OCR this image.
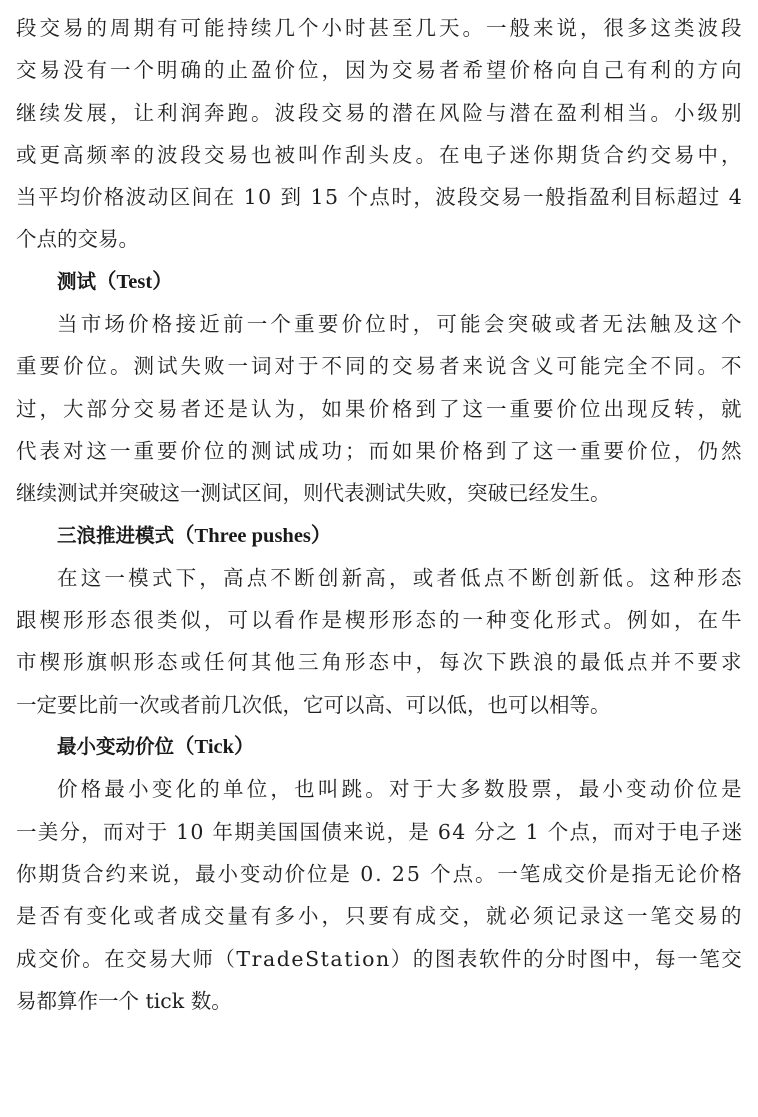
段交易的周期有可能持续几个小时甚至几天。一般来说，很多这类波段
交易没有一个明确的止盈价位，因为交易者希望价格向自己有利的方向
继续发展，让利润奔跑。波段交易的潜在风险与潜在盈利相当。小级别
或更高频率的波段交易也被叫作刮头皮。在电子迷你期货合约交易中，
当平均价格波动区间在 10 到 15 个点时，波段交易一般指盈利目标超过 4
个点的交易。
测试（Test）
当市场价格接近前一个重要价位时，可能会突破或者无法触及这个
重要价位。测试失败一词对于不同的交易者来说含义可能完全不同。不
过，大部分交易者还是认为，如果价格到了这一重要价位出现反转，就
代表对这一重要价位的测试成功；而如果价格到了这一重要价位，仍然
继续测试并突破这一测试区间，则代表测试失败，突破已经发生。
三浪推进模式（Three pushes）
在这一模式下，高点不断创新高，或者低点不断创新低。这种形态
跟楔形形态很类似，可以看作是楔形形态的一种变化形式。例如，在牛
市楔形旗帜形态或任何其他三角形态中，每次下跌浪的最低点并不要求
一定要比前一次或者前几次低，它可以高、可以低，也可以相等。
最小变动价位（Tick）
价格最小变化的单位，也叫跳。对于大多数股票，最小变动价位是
一美分，而对于 10 年期美国国债来说，是 64 分之 1 个点，而对于电子迷
你期货合约来说，最小变动价位是 0. 25 个点。一笔成交价是指无论价格
是否有变化或者成交量有多小，只要有成交，就必须记录这一笔交易的
成交价。在交易大师（TradeStation）的图表软件的分时图中，每一笔交
易都算作一个 tick 数。
